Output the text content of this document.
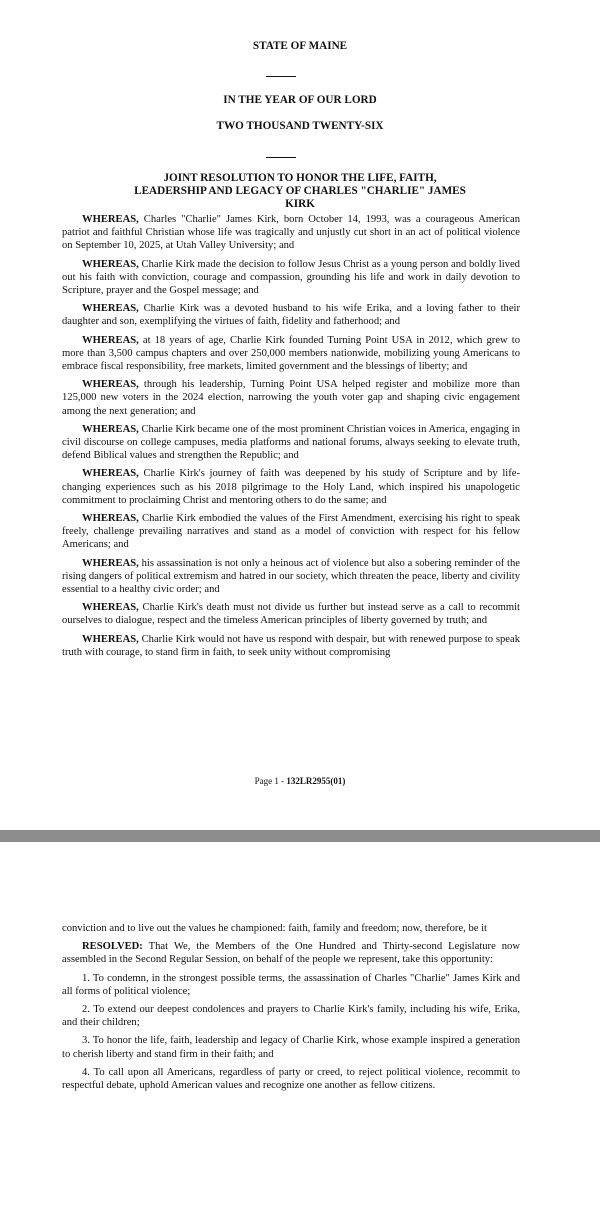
STATE OF MAINE
IN THE YEAR OF OUR LORD
TWO THOUSAND TWENTY-SIX
JOINT RESOLUTION TO HONOR THE LIFE, FAITH,
LEADERSHIP AND LEGACY OF CHARLES "CHARLIE" JAMES
KIRK

WHEREAS, Charles "Charlie" James Kirk, born October 14, 1993, was a courageous American patriot and faithful Christian whose life was tragically and unjustly cut short in an act of political violence on September 10, 2025, at Utah Valley University; and

WHEREAS, Charlie Kirk made the decision to follow Jesus Christ as a young person and boldly lived out his faith with conviction, courage and compassion, grounding his life and work in daily devotion to Scripture, prayer and the Gospel message; and

WHEREAS, Charlie Kirk was a devoted husband to his wife Erika, and a loving father to their daughter and son, exemplifying the virtues of faith, fidelity and fatherhood; and

WHEREAS, at 18 years of age, Charlie Kirk founded Turning Point USA in 2012, which grew to more than 3,500 campus chapters and over 250,000 members nationwide, mobilizing young Americans to embrace fiscal responsibility, free markets, limited government and the blessings of liberty; and

WHEREAS, through his leadership, Turning Point USA helped register and mobilize more than 125,000 new voters in the 2024 election, narrowing the youth voter gap and shaping civic engagement among the next generation; and

WHEREAS, Charlie Kirk became one of the most prominent Christian voices in America, engaging in civil discourse on college campuses, media platforms and national forums, always seeking to elevate truth, defend Biblical values and strengthen the Republic; and

WHEREAS, Charlie Kirk's journey of faith was deepened by his study of Scripture and by life-changing experiences such as his 2018 pilgrimage to the Holy Land, which inspired his unapologetic commitment to proclaiming Christ and mentoring others to do the same; and

WHEREAS, Charlie Kirk embodied the values of the First Amendment, exercising his right to speak freely, challenge prevailing narratives and stand as a model of conviction with respect for his fellow Americans; and

WHEREAS, his assassination is not only a heinous act of violence but also a sobering reminder of the rising dangers of political extremism and hatred in our society, which threaten the peace, liberty and civility essential to a healthy civic order; and

WHEREAS, Charlie Kirk's death must not divide us further but instead serve as a call to recommit ourselves to dialogue, respect and the timeless American principles of liberty governed by truth; and

WHEREAS, Charlie Kirk would not have us respond with despair, but with renewed purpose to speak truth with courage, to stand firm in faith, to seek unity without compromising

Page 1 - 132LR2955(01)

conviction and to live out the values he championed: faith, family and freedom; now, therefore, be it

RESOLVED: That We, the Members of the One Hundred and Thirty-second Legislature now assembled in the Second Regular Session, on behalf of the people we represent, take this opportunity:

1. To condemn, in the strongest possible terms, the assassination of Charles "Charlie" James Kirk and all forms of political violence;

2. To extend our deepest condolences and prayers to Charlie Kirk's family, including his wife, Erika, and their children;

3. To honor the life, faith, leadership and legacy of Charlie Kirk, whose example inspired a generation to cherish liberty and stand firm in their faith; and

4. To call upon all Americans, regardless of party or creed, to reject political violence, recommit to respectful debate, uphold American values and recognize one another as fellow citizens.
